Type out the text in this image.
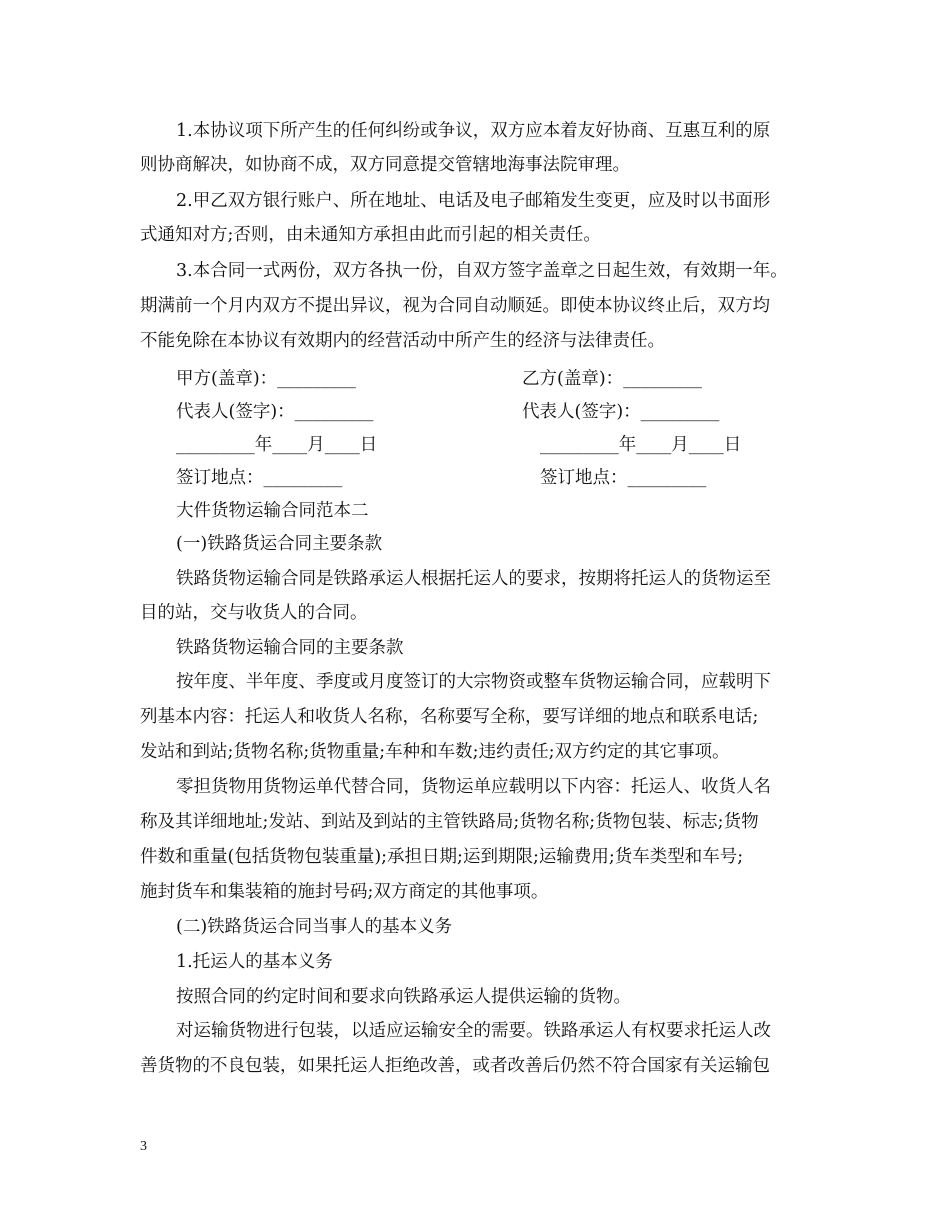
1.本协议项下所产生的任何纠纷或争议，双方应本着友好协商、互惠互利的原
则协商解决，如协商不成，双方同意提交管辖地海事法院审理。
2.甲乙双方银行账户、所在地址、电话及电子邮箱发生变更，应及时以书面形
式通知对方;否则，由未通知方承担由此而引起的相关责任。
3.本合同一式两份，双方各执一份，自双方签字盖章之日起生效，有效期一年。
期满前一个月内双方不提出异议，视为合同自动顺延。即使本协议终止后，双方均
不能免除在本协议有效期内的经营活动中所产生的经济与法律责任。
甲方(盖章)：_________	乙方(盖章)：_________
代表人(签字)：_________	代表人(签字)：_________
_________年____月____日	_________年____月____日
签订地点：_________	签订地点：_________
大件货物运输合同范本二
(一)铁路货运合同主要条款
铁路货物运输合同是铁路承运人根据托运人的要求，按期将托运人的货物运至
目的站，交与收货人的合同。
铁路货物运输合同的主要条款
按年度、半年度、季度或月度签订的大宗物资或整车货物运输合同，应载明下
列基本内容：托运人和收货人名称，名称要写全称，要写详细的地点和联系电话;
发站和到站;货物名称;货物重量;车种和车数;违约责任;双方约定的其它事项。
零担货物用货物运单代替合同，货物运单应载明以下内容：托运人、收货人名
称及其详细地址;发站、到站及到站的主管铁路局;货物名称;货物包装、标志;货物
件数和重量(包括货物包装重量);承担日期;运到期限;运输费用;货车类型和车号;
施封货车和集装箱的施封号码;双方商定的其他事项。
(二)铁路货运合同当事人的基本义务
1.托运人的基本义务
按照合同的约定时间和要求向铁路承运人提供运输的货物。
对运输货物进行包装，以适应运输安全的需要。铁路承运人有权要求托运人改
善货物的不良包装，如果托运人拒绝改善，或者改善后仍然不符合国家有关运输包
3
